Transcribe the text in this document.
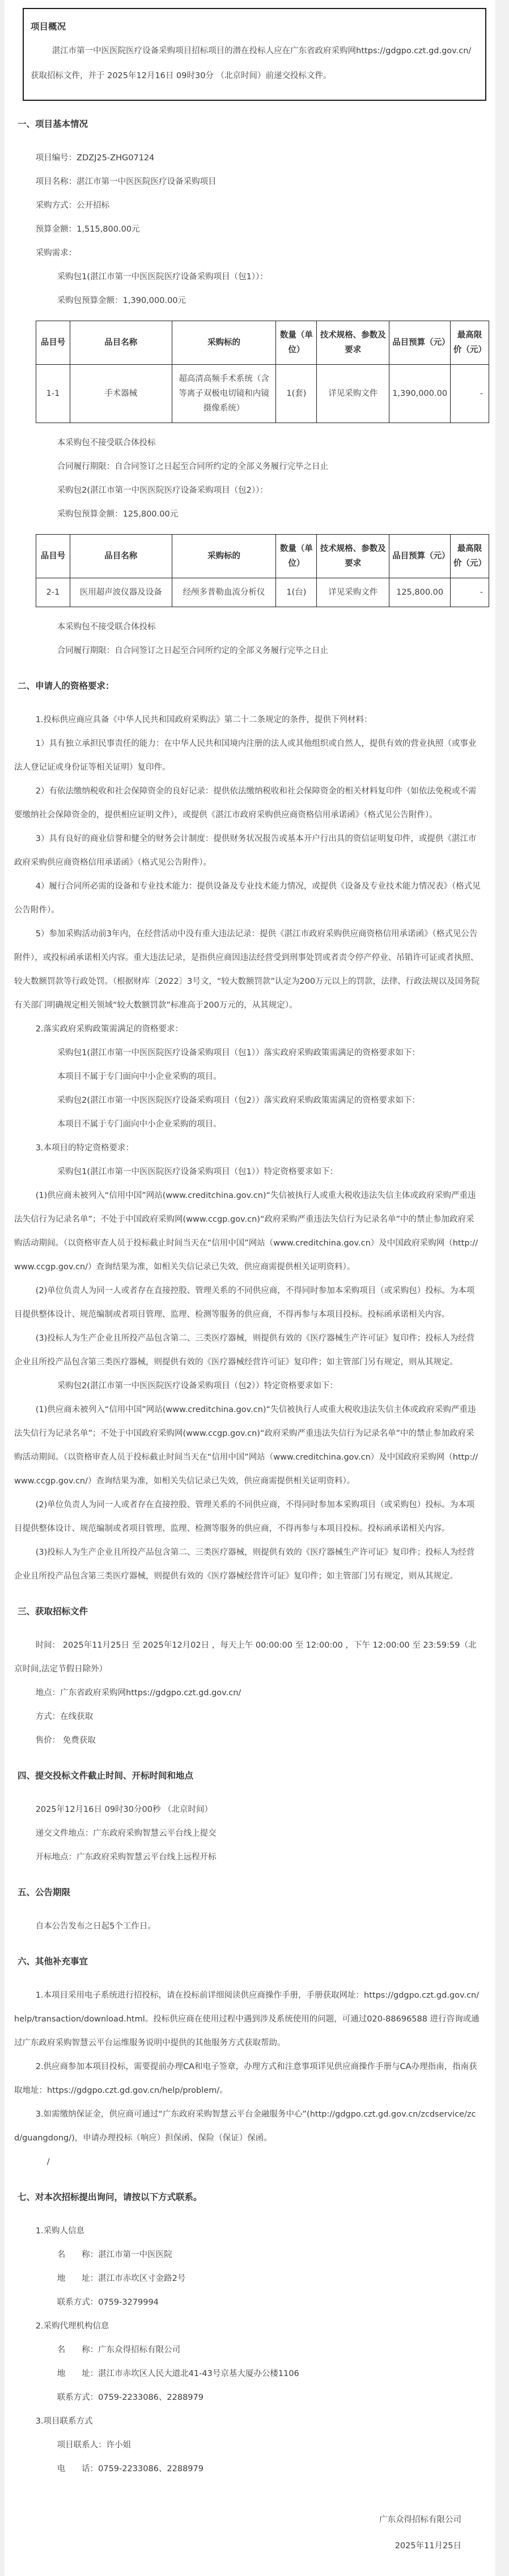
项目概况

湛江市第一中医医院医疗设备采购项目招标项目的潜在投标人应在广东省政府采购网https://gdgpo.czt.gd.gov.cn/获取招标文件，并于 2025年12月16日 09时30分 （北京时间）前递交投标文件。

一、项目基本情况

项目编号：ZDZJ25-ZHG07124

项目名称：湛江市第一中医医院医疗设备采购项目

采购方式：公开招标

预算金额：1,515,800.00元

采购需求：

采购包1(湛江市第一中医医院医疗设备采购项目（包1））：

采购包预算金额：1,390,000.00元

品目号	品目名称	采购标的	数量（单位）	技术规格、参数及要求	品目预算（元）	最高限价（元）
1-1	手术器械	超高清高频手术系统（含等离子双极电切镜和内镜摄像系统）	1(套)	详见采购文件	1,390,000.00	-

本采购包不接受联合体投标

合同履行期限：自合同签订之日起至合同所约定的全部义务履行完毕之日止

采购包2(湛江市第一中医医院医疗设备采购项目（包2））：

采购包预算金额：125,800.00元

品目号	品目名称	采购标的	数量（单位）	技术规格、参数及要求	品目预算（元）	最高限价（元）
2-1	医用超声波仪器及设备	经颅多普勒血流分析仪	1(台)	详见采购文件	125,800.00	-

本采购包不接受联合体投标

合同履行期限：自合同签订之日起至合同所约定的全部义务履行完毕之日止

二、申请人的资格要求：

1.投标供应商应具备《中华人民共和国政府采购法》第二十二条规定的条件，提供下列材料：

1）具有独立承担民事责任的能力：在中华人民共和国境内注册的法人或其他组织或自然人，提供有效的营业执照（或事业法人登记证或身份证等相关证明）复印件。

2）有依法缴纳税收和社会保障资金的良好记录：提供依法缴纳税收和社会保障资金的相关材料复印件（如依法免税或不需要缴纳社会保障资金的，提供相应证明文件），或提供《湛江市政府采购供应商资格信用承诺函》（格式见公告附件）。

3）具有良好的商业信誉和健全的财务会计制度：提供财务状况报告或基本开户行出具的资信证明复印件，或提供《湛江市政府采购供应商资格信用承诺函》（格式见公告附件）。

4）履行合同所必需的设备和专业技术能力：提供设备及专业技术能力情况，或提供《设备及专业技术能力情况表》（格式见公告附件）。

5）参加采购活动前3年内，在经营活动中没有重大违法记录：提供《湛江市政府采购供应商资格信用承诺函》（格式见公告附件），或投标函承诺相关内容。重大违法记录，是指供应商因违法经营受到刑事处罚或者责令停产停业、吊销许可证或者执照、较大数额罚款等行政处罚。（根据财库〔2022〕3号文，“较大数额罚款”认定为200万元以上的罚款，法律、行政法规以及国务院有关部门明确规定相关领域“较大数额罚款”标准高于200万元的，从其规定）。

2.落实政府采购政策需满足的资格要求：

采购包1(湛江市第一中医医院医疗设备采购项目（包1））落实政府采购政策需满足的资格要求如下：

本项目不属于专门面向中小企业采购的项目。

采购包2(湛江市第一中医医院医疗设备采购项目（包2））落实政府采购政策需满足的资格要求如下：

本项目不属于专门面向中小企业采购的项目。

3.本项目的特定资格要求：

采购包1(湛江市第一中医医院医疗设备采购项目（包1））特定资格要求如下：

(1)供应商未被列入“信用中国”网站(www.creditchina.gov.cn)“失信被执行人或重大税收违法失信主体或政府采购严重违法失信行为记录名单”；不处于中国政府采购网(www.ccgp.gov.cn)“政府采购严重违法失信行为记录名单”中的禁止参加政府采购活动期间。（以资格审查人员于投标截止时间当天在“信用中国”网站（www.creditchina.gov.cn）及中国政府采购网（http://www.ccgp.gov.cn/）查询结果为准，如相关失信记录已失效，供应商需提供相关证明资料）。

(2)单位负责人为同一人或者存在直接控股、管理关系的不同供应商，不得同时参加本采购项目（或采购包）投标。为本项目提供整体设计、规范编制或者项目管理、监理、检测等服务的供应商，不得再参与本项目投标。投标函承诺相关内容。

(3)投标人为生产企业且所投产品包含第二、三类医疗器械，则提供有效的《医疗器械生产许可证》复印件；投标人为经营企业且所投产品包含第三类医疗器械，则提供有效的《医疗器械经营许可证》复印件；如主管部门另有规定，则从其规定。

采购包2(湛江市第一中医医院医疗设备采购项目（包2））特定资格要求如下：

(1)供应商未被列入“信用中国”网站(www.creditchina.gov.cn)“失信被执行人或重大税收违法失信主体或政府采购严重违法失信行为记录名单”；不处于中国政府采购网(www.ccgp.gov.cn)“政府采购严重违法失信行为记录名单”中的禁止参加政府采购活动期间。（以资格审查人员于投标截止时间当天在“信用中国”网站（www.creditchina.gov.cn）及中国政府采购网（http://www.ccgp.gov.cn/）查询结果为准，如相关失信记录已失效，供应商需提供相关证明资料）。

(2)单位负责人为同一人或者存在直接控股、管理关系的不同供应商，不得同时参加本采购项目（或采购包）投标。为本项目提供整体设计、规范编制或者项目管理、监理、检测等服务的供应商，不得再参与本项目投标。投标函承诺相关内容。

(3)投标人为生产企业且所投产品包含第二、三类医疗器械，则提供有效的《医疗器械生产许可证》复印件；投标人为经营企业且所投产品包含第三类医疗器械，则提供有效的《医疗器械经营许可证》复印件；如主管部门另有规定，则从其规定。

三、获取招标文件

时间： 2025年11月25日 至 2025年12月02日 ，每天上午 00:00:00 至 12:00:00 ，下午 12:00:00 至 23:59:59（北京时间,法定节假日除外）

地点：广东省政府采购网https://gdgpo.czt.gd.gov.cn/

方式：在线获取

售价： 免费获取

四、提交投标文件截止时间、开标时间和地点

2025年12月16日 09时30分00秒 （北京时间）

递交文件地点：广东政府采购智慧云平台线上提交

开标地点：广东政府采购智慧云平台线上远程开标

五、公告期限

自本公告发布之日起5个工作日。

六、其他补充事宜

1.本项目采用电子系统进行招投标，请在投标前详细阅读供应商操作手册，手册获取网址：https://gdgpo.czt.gd.gov.cn/help/transaction/download.html。投标供应商在使用过程中遇到涉及系统使用的问题，可通过020-88696588 进行咨询或通过广东政府采购智慧云平台运维服务说明中提供的其他服务方式获取帮助。

2.供应商参加本项目投标，需要提前办理CA和电子签章，办理方式和注意事项详见供应商操作手册与CA办理指南，指南获取地址：https://gdgpo.czt.gd.gov.cn/help/problem/。

3.如需缴纳保证金，供应商可通过“广东政府采购智慧云平台金融服务中心”(http://gdgpo.czt.gd.gov.cn/zcdservice/zcd/guangdong/)，申请办理投标（响应）担保函、保险（保证）保函。

/

七、对本次招标提出询问，请按以下方式联系。

1.采购人信息

名　　称：湛江市第一中医医院

地　　址：湛江市赤坎区寸金路2号

联系方式：0759-3279994

2.采购代理机构信息

名　　称：广东众得招标有限公司

地　　址：湛江市赤坎区人民大道北41-43号京基大厦办公楼1106

联系方式：0759-2233086、2288979

3.项目联系方式

项目联系人：许小姐

电　　话：0759-2233086、2288979

广东众得招标有限公司

2025年11月25日
